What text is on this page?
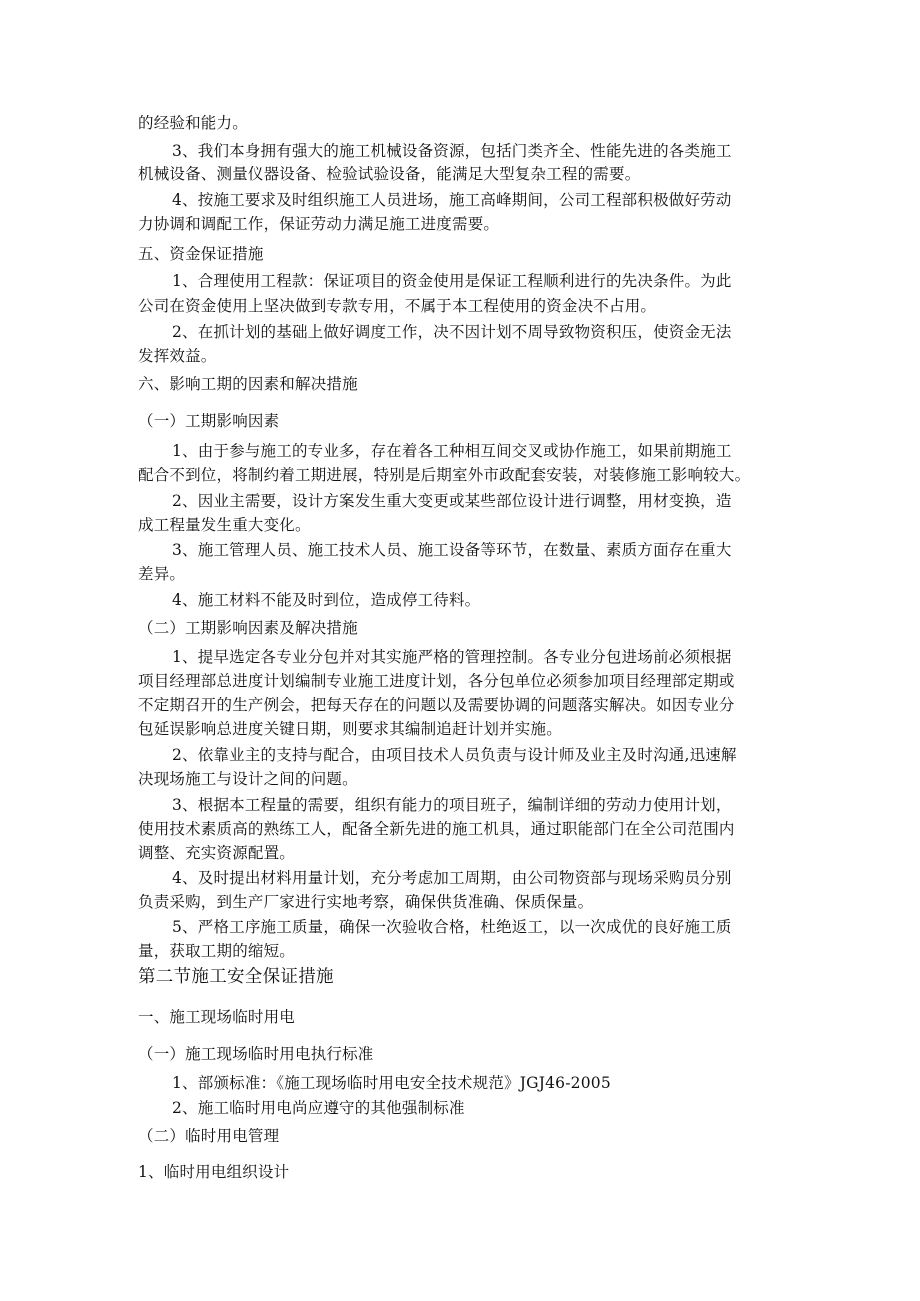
的经验和能力。
3、我们本身拥有强大的施工机械设备资源，包括门类齐全、性能先进的各类施工
机械设备、测量仪器设备、检验试验设备，能满足大型复杂工程的需要。
4、按施工要求及时组织施工人员进场，施工高峰期间，公司工程部积极做好劳动
力协调和调配工作，保证劳动力满足施工进度需要。
五、资金保证措施
1、合理使用工程款：保证项目的资金使用是保证工程顺利进行的先决条件。为此
公司在资金使用上坚决做到专款专用，不属于本工程使用的资金决不占用。
2、在抓计划的基础上做好调度工作，决不因计划不周导致物资积压，使资金无法
发挥效益。
六、影响工期的因素和解决措施
（一）工期影响因素
1、由于参与施工的专业多，存在着各工种相互间交叉或协作施工，如果前期施工
配合不到位，将制约着工期进展，特别是后期室外市政配套安装，对装修施工影响较大。
2、因业主需要，设计方案发生重大变更或某些部位设计进行调整，用材变换，造
成工程量发生重大变化。
3、施工管理人员、施工技术人员、施工设备等环节，在数量、素质方面存在重大
差异。
4、施工材料不能及时到位，造成停工待料。
（二）工期影响因素及解决措施
1、提早选定各专业分包并对其实施严格的管理控制。各专业分包进场前必须根据
项目经理部总进度计划编制专业施工进度计划，各分包单位必须参加项目经理部定期或
不定期召开的生产例会，把每天存在的问题以及需要协调的问题落实解决。如因专业分
包延误影响总进度关键日期，则要求其编制追赶计划并实施。
2、依靠业主的支持与配合，由项目技术人员负责与设计师及业主及时沟通,迅速解
决现场施工与设计之间的问题。
3、根据本工程量的需要，组织有能力的项目班子，编制详细的劳动力使用计划，
使用技术素质高的熟练工人，配备全新先进的施工机具，通过职能部门在全公司范围内
调整、充实资源配置。
4、及时提出材料用量计划，充分考虑加工周期，由公司物资部与现场采购员分别
负责采购，到生产厂家进行实地考察，确保供货准确、保质保量。
5、严格工序施工质量，确保一次验收合格，杜绝返工，以一次成优的良好施工质
量，获取工期的缩短。
第二节施工安全保证措施
一、施工现场临时用电
（一）施工现场临时用电执行标准
1、部颁标准：《施工现场临时用电安全技术规范》JGJ46-2005
2、施工临时用电尚应遵守的其他强制标准
（二）临时用电管理
1、临时用电组织设计
